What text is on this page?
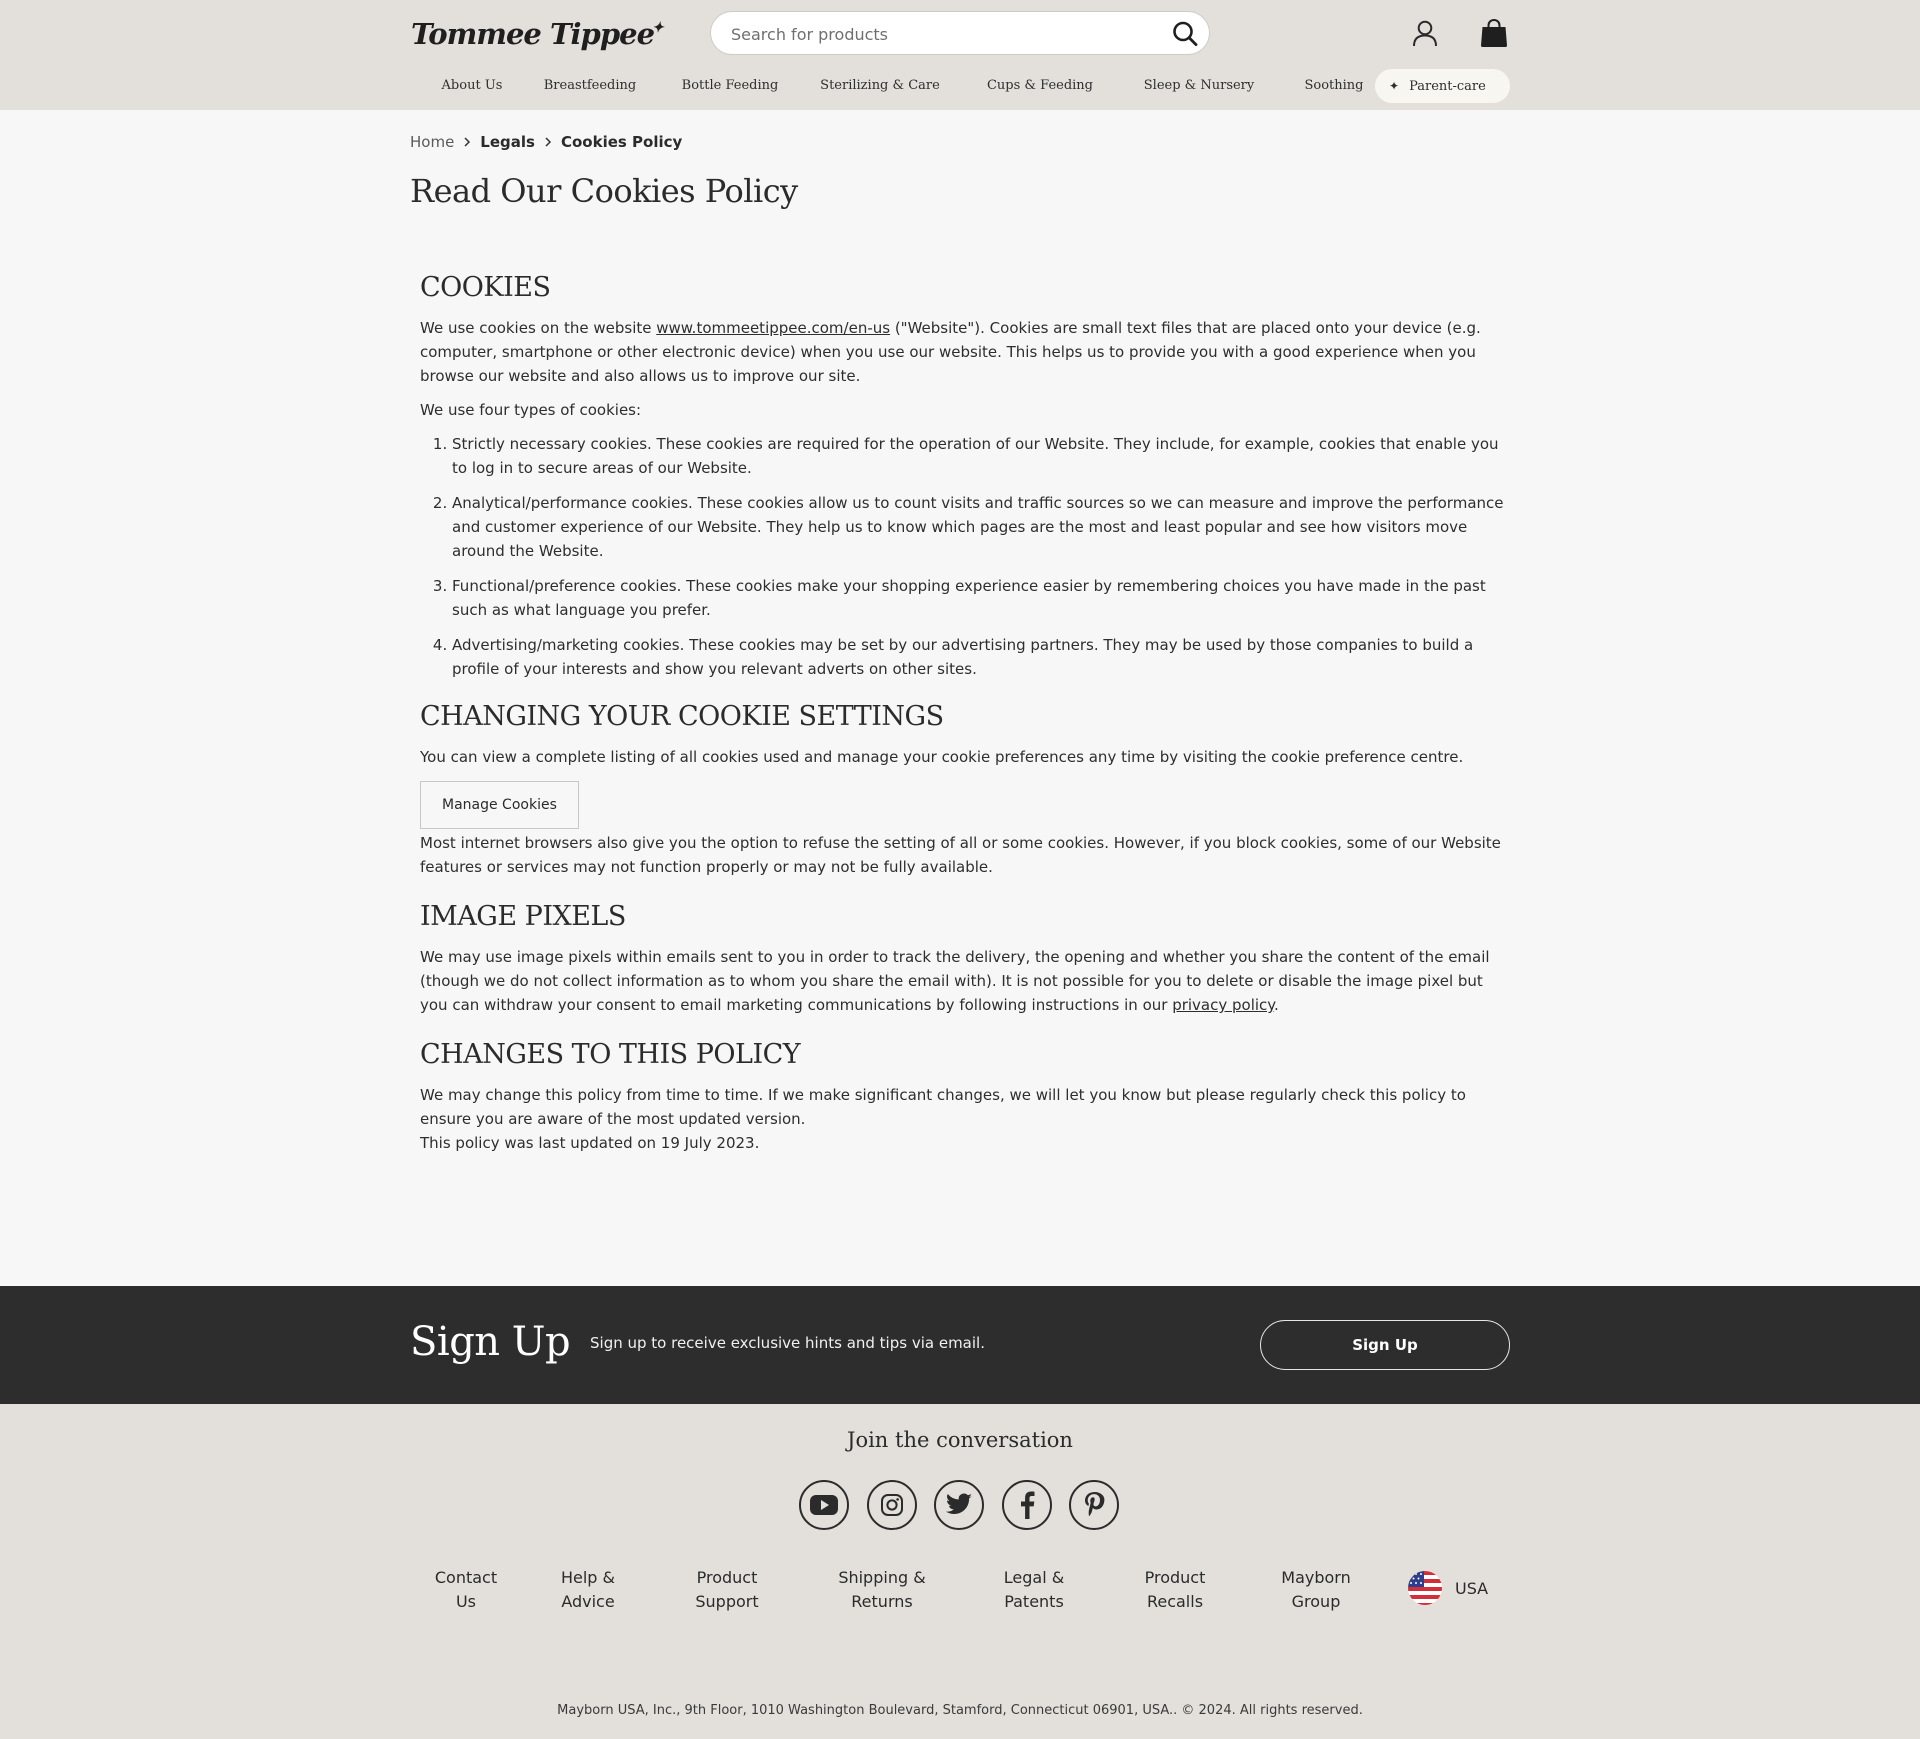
Tommee Tippee✦
Search for products
About Us	Breastfeeding	Bottle Feeding	Sterilizing & Care	Cups & Feeding	Sleep & Nursery	Soothing	✦ Parent-care
Home Legals Cookies Policy
Read Our Cookies Policy
COOKIES

We use cookies on the website www.tommeetippee.com/en-us ("Website"). Cookies are small text files that are placed onto your device (e.g. computer, smartphone or other electronic device) when you use our website. This helps us to provide you with a good experience when you browse our website and also allows us to improve our site.

We use four types of cookies:

1. Strictly necessary cookies. These cookies are required for the operation of our Website. They include, for example, cookies that enable you to log in to secure areas of our Website.
2. Analytical/performance cookies. These cookies allow us to count visits and traffic sources so we can measure and improve the performance and customer experience of our Website. They help us to know which pages are the most and least popular and see how visitors move around the Website.
3. Functional/preference cookies. These cookies make your shopping experience easier by remembering choices you have made in the past such as what language you prefer.
4. Advertising/marketing cookies. These cookies may be set by our advertising partners. They may be used by those companies to build a profile of your interests and show you relevant adverts on other sites.
CHANGING YOUR COOKIE SETTINGS

You can view a complete listing of all cookies used and manage your cookie preferences any time by visiting the cookie preference centre.

Manage Cookies

Most internet browsers also give you the option to refuse the setting of all or some cookies. However, if you block cookies, some of our Website features or services may not function properly or may not be fully available.

IMAGE PIXELS

We may use image pixels within emails sent to you in order to track the delivery, the opening and whether you share the content of the email (though we do not collect information as to whom you share the email with). It is not possible for you to delete or disable the image pixel but you can withdraw your consent to email marketing communications by following instructions in our privacy policy.

CHANGES TO THIS POLICY

We may change this policy from time to time. If we make significant changes, we will let you know but please regularly check this policy to ensure you are aware of the most updated version.
This policy was last updated on 19 July 2023.

Sign Up Sign up to receive exclusive hints and tips via email.	Sign Up
Join the conversation
Contact
Us
Help &
Advice
Product
Support
Shipping &
Returns
Legal &
Patents
Product
Recalls
Mayborn
Group
USA
Mayborn USA, Inc., 9th Floor, 1010 Washington Boulevard, Stamford, Connecticut 06901, USA.. © 2024. All rights reserved.
